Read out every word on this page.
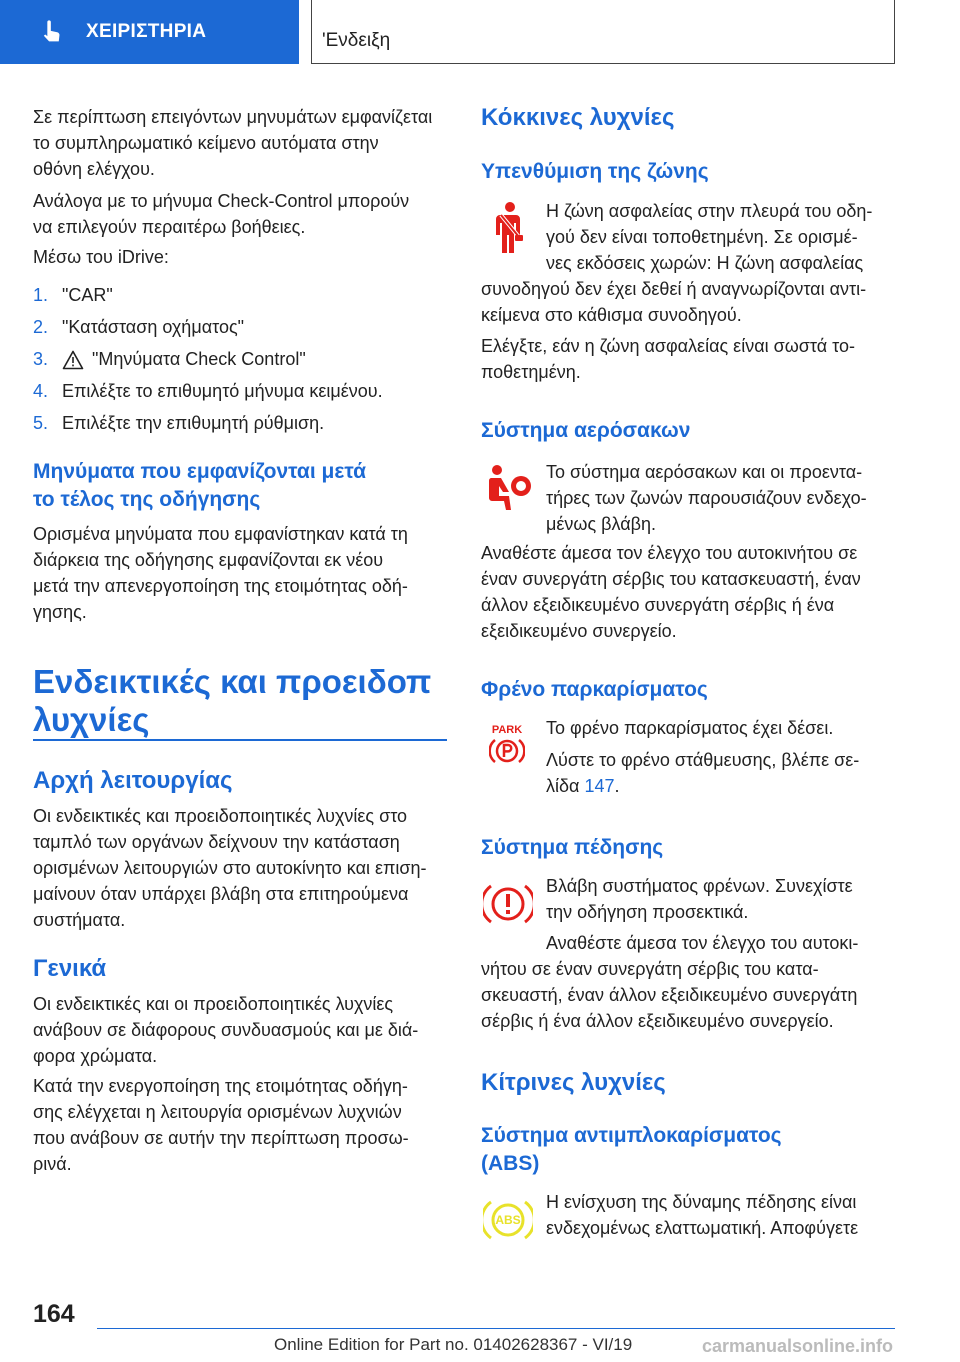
ΧΕΙΡΙΣΤΗΡΙΑ	'Ενδειξη
Σε περίπτωση επειγόντων μηνυμάτων εμφανίζεται
το συμπληρωματικό κείμενο αυτόματα στην
οθόνη ελέγχου.
Ανάλογα με το μήνυμα Check-Control μπορούν
να επιλεγούν περαιτέρω βοήθειες.
Μέσω του iDrive:
1. "CAR"
2. "Κατάσταση οχήματος"
3. "Μηνύματα Check Control"
4. Επιλέξτε το επιθυμητό μήνυμα κειμένου.
5. Επιλέξτε την επιθυμητή ρύθμιση.
Μηνύματα που εμφανίζονται μετά
το τέλος της οδήγησης
Ορισμένα μηνύματα που εμφανίστηκαν κατά τη
διάρκεια της οδήγησης εμφανίζονται εκ νέου
μετά την απενεργοποίηση της ετοιμότητας οδή-
γησης.
Ενδεικτικές και προειδοπ
λυχνίες
Αρχή λειτουργίας
Οι ενδεικτικές και προειδοποιητικές λυχνίες στο
ταμπλό των οργάνων δείχνουν την κατάσταση
ορισμένων λειτουργιών στο αυτοκίνητο και επιση-
μαίνουν όταν υπάρχει βλάβη στα επιτηρούμενα
συστήματα.
Γενικά
Οι ενδεικτικές και οι προειδοποιητικές λυχνίες
ανάβουν σε διάφορους συνδυασμούς και με διά-
φορα χρώματα.
Κατά την ενεργοποίηση της ετοιμότητας οδήγη-
σης ελέγχεται η λειτουργία ορισμένων λυχνιών
που ανάβουν σε αυτήν την περίπτωση προσω-
ρινά.
Κόκκινες λυχνίες
Υπενθύμιση της ζώνης
Η ζώνη ασφαλείας στην πλευρά του οδη-
γού δεν είναι τοποθετημένη. Σε ορισμέ-
νες εκδόσεις χωρών: Η ζώνη ασφαλείας
συνοδηγού δεν έχει δεθεί ή αναγνωρίζονται αντι-
κείμενα στο κάθισμα συνοδηγού.
Ελέγξτε, εάν η ζώνη ασφαλείας είναι σωστά το-
ποθετημένη.
Σύστημα αερόσακων
Το σύστημα αερόσακων και οι προεντα-
τήρες των ζωνών παρουσιάζουν ενδεχο-
μένως βλάβη.
Αναθέστε άμεσα τον έλεγχο του αυτοκινήτου σε
έναν συνεργάτη σέρβις του κατασκευαστή, έναν
άλλον εξειδικευμένο συνεργάτη σέρβις ή ένα
εξειδικευμένο συνεργείο.
Φρένο παρκαρίσματος
PARK Το φρένο παρκαρίσματος έχει δέσει.
Λύστε το φρένο στάθμευσης, βλέπε σε-
λίδα 147.
Σύστημα πέδησης
Βλάβη συστήματος φρένων. Συνεχίστε
την οδήγηση προσεκτικά.
Αναθέστε άμεσα τον έλεγχο του αυτοκι-
νήτου σε έναν συνεργάτη σέρβις του κατα-
σκευαστή, έναν άλλον εξειδικευμένο συνεργάτη
σέρβις ή ένα άλλον εξειδικευμένο συνεργείο.
Κίτρινες λυχνίες
Σύστημα αντιμπλοκαρίσματος
(ABS)
ABS
Η ενίσχυση της δύναμης πέδησης είναι
ενδεχομένως ελαττωματική. Αποφύγετε
164
Online Edition for Part no. 01402628367 - VI/19	carmanualsonline.info
